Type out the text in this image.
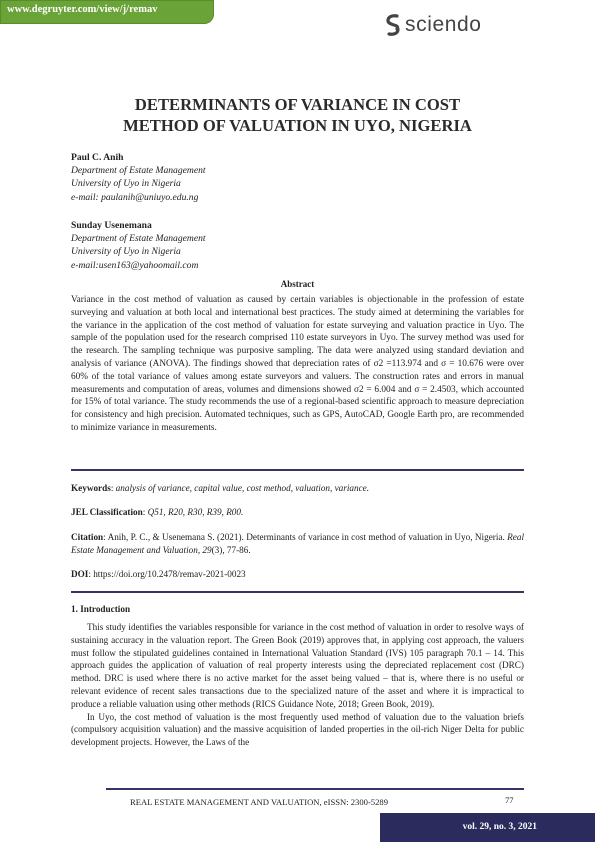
www.degruyter.com/view/j/remav
sciendo
DETERMINANTS OF VARIANCE IN COST
METHOD OF VALUATION IN UYO, NIGERIA
Paul C. Anih
Department of Estate Management
University of Uyo in Nigeria
e-mail: paulanih@uniuyo.edu.ng
Sunday Usenemana
Department of Estate Management
University of Uyo in Nigeria
e-mail:usen163@yahoomail.com
Abstract
Variance in the cost method of valuation as caused by certain variables is objectionable in the profession of estate surveying and valuation at both local and international best practices. The study aimed at determining the variables for the variance in the application of the cost method of valuation for estate surveying and valuation practice in Uyo. The sample of the population used for the research comprised 110 estate surveyors in Uyo. The survey method was used for the research. The sampling technique was purposive sampling. The data were analyzed using standard deviation and analysis of variance (ANOVA). The findings showed that depreciation rates of σ2 =113.974 and σ = 10.676 were over 60% of the total variance of values among estate surveyors and valuers. The construction rates and errors in manual measurements and computation of areas, volumes and dimensions showed σ2 = 6.004 and σ = 2.4503, which accounted for 15% of total variance. The study recommends the use of a regional-based scientific approach to measure depreciation for consistency and high precision. Automated techniques, such as GPS, AutoCAD, Google Earth pro, are recommended to minimize variance in measurements.
Keywords: analysis of variance, capital value, cost method, valuation, variance.
JEL Classification: Q51, R20, R30, R39, R00.
Citation: Anih, P. C., & Usenemana S. (2021). Determinants of variance in cost method of valuation in Uyo, Nigeria. Real Estate Management and Valuation, 29(3), 77-86.
DOI: https://doi.org/10.2478/remav-2021-0023
1. Introduction

This study identifies the variables responsible for variance in the cost method of valuation in order to resolve ways of sustaining accuracy in the valuation report. The Green Book (2019) approves that, in applying cost approach, the valuers must follow the stipulated guidelines contained in International Valuation Standard (IVS) 105 paragraph 70.1 – 14. This approach guides the application of valuation of real property interests using the depreciated replacement cost (DRC) method. DRC is used where there is no active market for the asset being valued – that is, where there is no useful or relevant evidence of recent sales transactions due to the specialized nature of the asset and where it is impractical to produce a reliable valuation using other methods (RICS Guidance Note, 2018; Green Book, 2019).

In Uyo, the cost method of valuation is the most frequently used method of valuation due to the valuation briefs (compulsory acquisition valuation) and the massive acquisition of landed properties in the oil-rich Niger Delta for public development projects. However, the Laws of the

REAL ESTATE MANAGEMENT AND VALUATION, eISSN: 2300-5289	77
vol. 29, no. 3, 2021
